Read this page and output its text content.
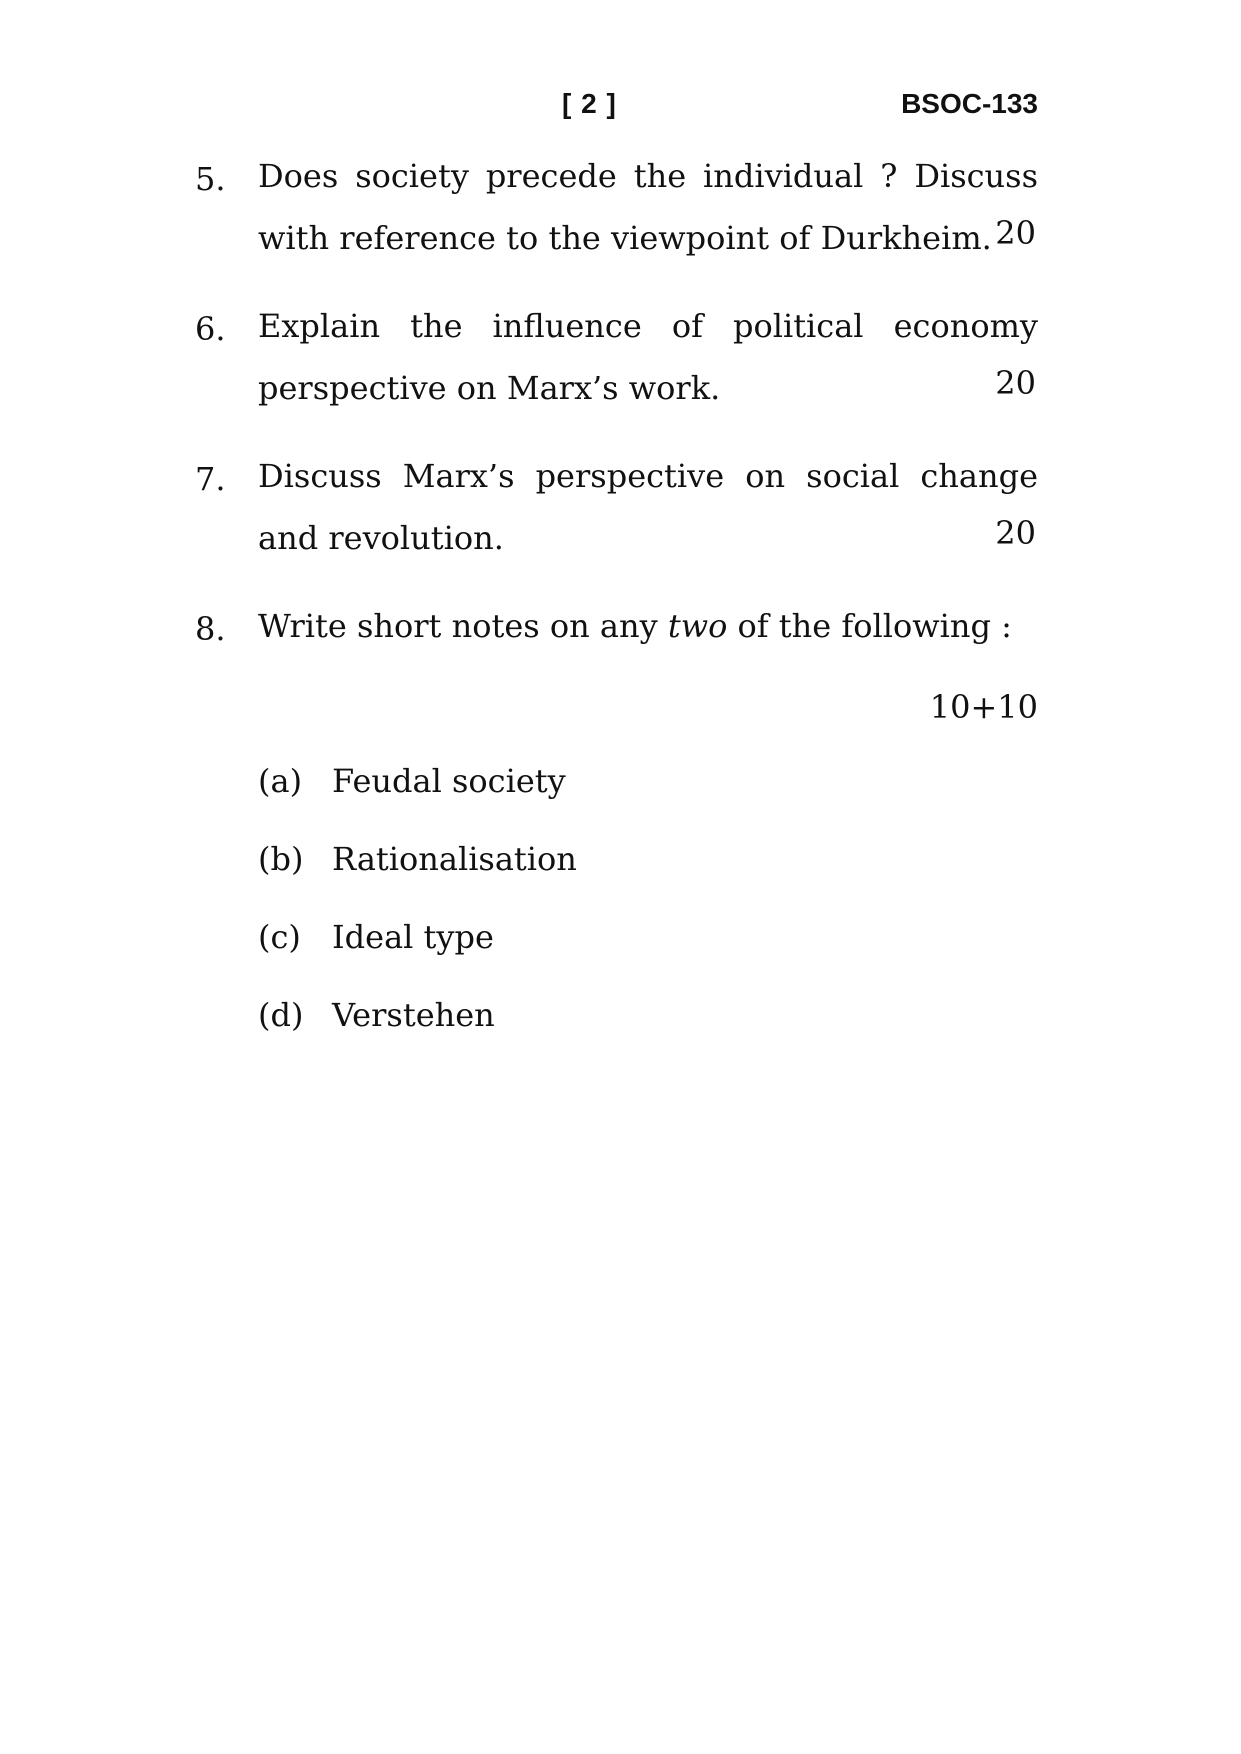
[ 2 ]	BSOC-133
5. Does society precede the individual ? Discuss
with reference to the viewpoint of Durkheim. 20
6. Explain the influence of political economy
perspective on Marx’s work.	20
7. Discuss Marx’s perspective on social change
and revolution.	20
8. Write short notes on any two of the following :
10+10
(a) Feudal society
(b) Rationalisation
(c) Ideal type
(d) Verstehen
